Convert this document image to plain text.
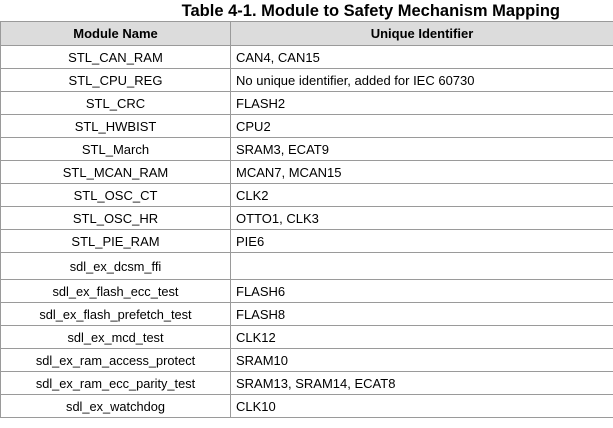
Table 4-1. Module to Safety Mechanism Mapping
Module Name	Unique Identifier
STL_CAN_RAM	CAN4, CAN15
STL_CPU_REG	No unique identifier, added for IEC 60730
STL_CRC	FLASH2
STL_HWBIST	CPU2
STL_March	SRAM3, ECAT9
STL_MCAN_RAM	MCAN7, MCAN15
STL_OSC_CT	CLK2
STL_OSC_HR	OTTO1, CLK3
STL_PIE_RAM	PIE6
sdl_ex_dcsm_ffi	
sdl_ex_flash_ecc_test	FLASH6
sdl_ex_flash_prefetch_test	FLASH8
sdl_ex_mcd_test	CLK12
sdl_ex_ram_access_protect	SRAM10
sdl_ex_ram_ecc_parity_test	SRAM13, SRAM14, ECAT8
sdl_ex_watchdog	CLK10
